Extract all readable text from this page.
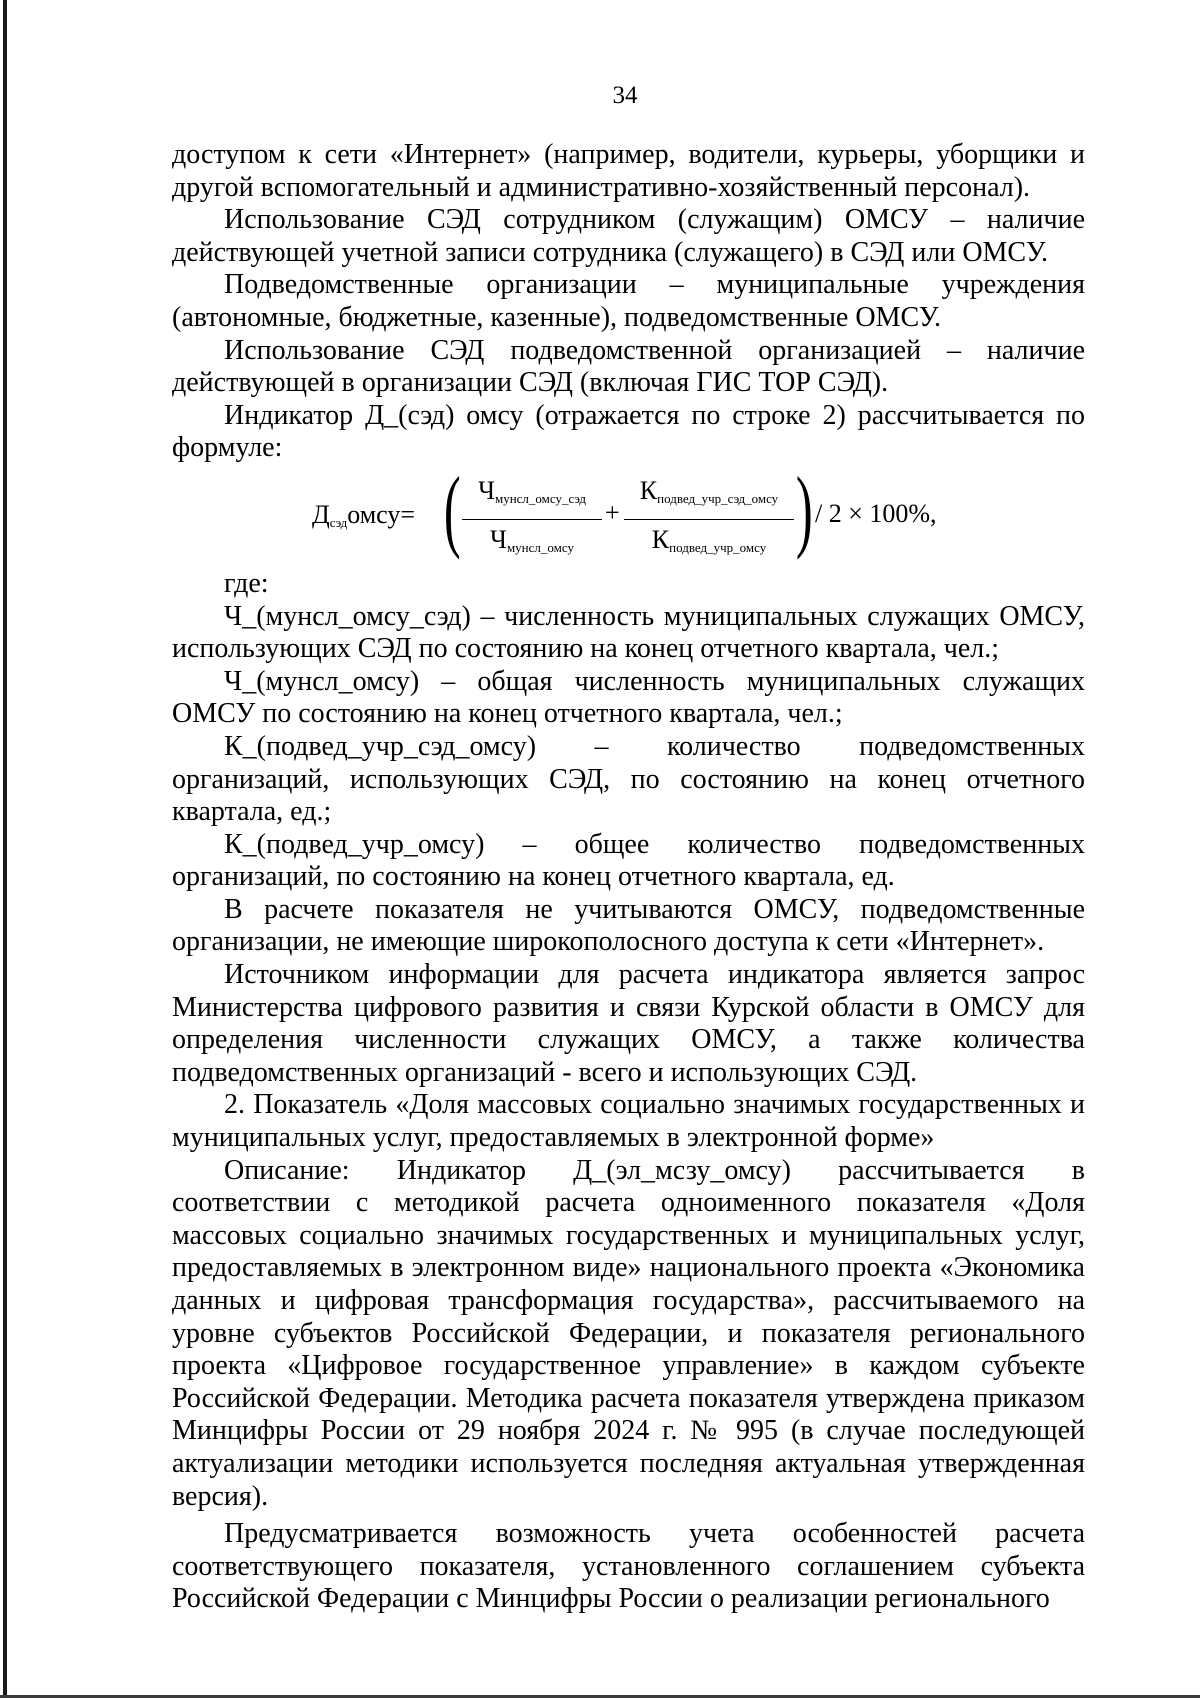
34

доступом к сети «Интернет» (например, водители, курьеры, уборщики и другой вспомогательный и административно-хозяйственный персонал).

Использование СЭД сотрудником (служащим) ОМСУ – наличие действующей учетной записи сотрудника (служащего) в СЭД или ОМСУ.

Подведомственные организации – муниципальные учреждения (автономные, бюджетные, казенные), подведомственные ОМСУ.

Использование СЭД подведомственной организацией – наличие действующей в организации СЭД (включая ГИС ТОР СЭД).

Индикатор Д_(сэд) омсу (отражается по строке 2) рассчитывается по формуле:

$Д_{сэд}омсу=$ ( $Ч_{мунсл\_омсу\_сэд}$
$Ч_{мунсл\_омсу}$
+
$К_{подвед\_учр\_сэд\_омсу}$
$К_{подвед\_учр\_омсу}$ ) / 2 × 100%,

где:

Ч_(мунсл_омсу_сэд) – численность муниципальных служащих ОМСУ, использующих СЭД по состоянию на конец отчетного квартала, чел.;

Ч_(мунсл_омсу) – общая численность муниципальных служащих ОМСУ по состоянию на конец отчетного квартала, чел.;

К_(подвед_учр_сэд_омсу) – количество подведомственных организаций, использующих СЭД, по состоянию на конец отчетного квартала, ед.;

К_(подвед_учр_омсу) – общее количество подведомственных организаций, по состоянию на конец отчетного квартала, ед.

В расчете показателя не учитываются ОМСУ, подведомственные организации, не имеющие широкополосного доступа к сети «Интернет».

Источником информации для расчета индикатора является запрос Министерства цифрового развития и связи Курской области в ОМСУ для определения численности служащих ОМСУ, а также количества подведомственных организаций - всего и использующих СЭД.

2. Показатель «Доля массовых социально значимых государственных и муниципальных услуг, предоставляемых в электронной форме»

Описание: Индикатор Д_(эл_мсзу_омсу) рассчитывается в соответствии с методикой расчета одноименного показателя «Доля массовых социально значимых государственных и муниципальных услуг, предоставляемых в электронном виде» национального проекта «Экономика данных и цифровая трансформация государства», рассчитываемого на уровне субъектов Российской Федерации, и показателя регионального проекта «Цифровое государственное управление» в каждом субъекте Российской Федерации. Методика расчета показателя утверждена приказом Минцифры России от 29 ноября 2024 г. № 995 (в случае последующей актуализации методики используется последняя актуальная утвержденная версия).

Предусматривается возможность учета особенностей расчета соответствующего показателя, установленного соглашением субъекта Российской Федерации с Минцифры России о реализации регионального
